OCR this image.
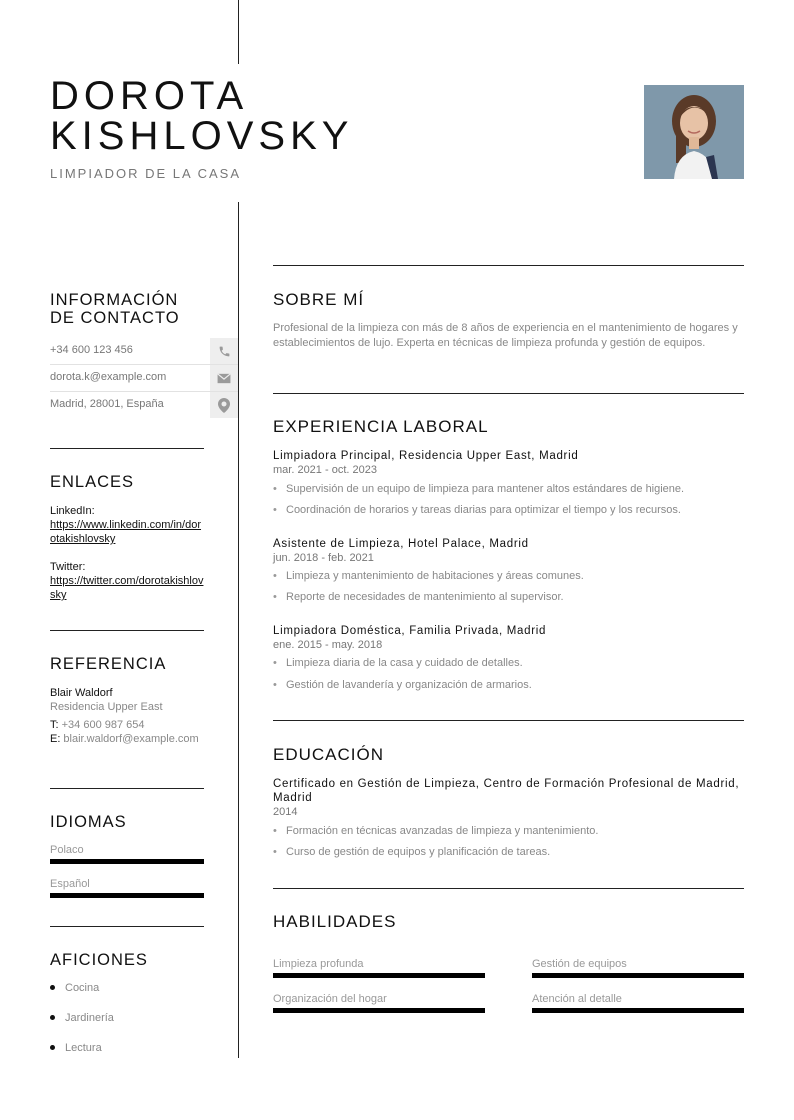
DOROTA
KISHLOVSKY
LIMPIADOR DE LA CASA
INFORMACIÓN DE CONTACTO
+34 600 123 456
dorota.k@example.com
Madrid, 28001, España
ENLACES
LinkedIn:
https://www.linkedin.com/in/dorotakishlovsky
Twitter:
https://twitter.com/dorotakishlovsky
REFERENCIA
Blair Waldorf
Residencia Upper East
T: +34 600 987 654
E: blair.waldorf@example.com
IDIOMAS
Polaco
Español
AFICIONES
Cocina
Jardinería
Lectura
SOBRE MÍ
Profesional de la limpieza con más de 8 años de experiencia en el mantenimiento de hogares y establecimientos de lujo. Experta en técnicas de limpieza profunda y gestión de equipos.
EXPERIENCIA LABORAL
Limpiadora Principal, Residencia Upper East, Madrid
mar. 2021 - oct. 2023
• Supervisión de un equipo de limpieza para mantener altos estándares de higiene.
• Coordinación de horarios y tareas diarias para optimizar el tiempo y los recursos.
Asistente de Limpieza, Hotel Palace, Madrid
jun. 2018 - feb. 2021
• Limpieza y mantenimiento de habitaciones y áreas comunes.
• Reporte de necesidades de mantenimiento al supervisor.
Limpiadora Doméstica, Familia Privada, Madrid
ene. 2015 - may. 2018
• Limpieza diaria de la casa y cuidado de detalles.
• Gestión de lavandería y organización de armarios.
EDUCACIÓN
Certificado en Gestión de Limpieza, Centro de Formación Profesional de Madrid, Madrid
2014
• Formación en técnicas avanzadas de limpieza y mantenimiento.
• Curso de gestión de equipos y planificación de tareas.
HABILIDADES
Limpieza profunda	Gestión de equipos
Organización del hogar	Atención al detalle
